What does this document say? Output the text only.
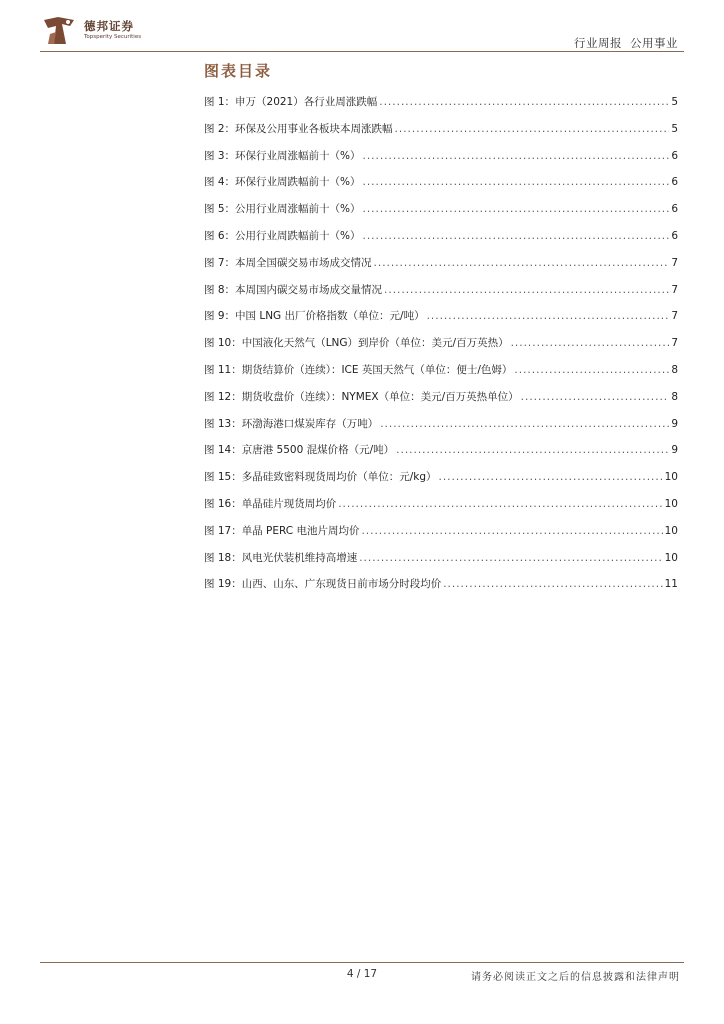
德邦证券
Topsperity Securities	行业周报 公用事业
图表目录
图 1：申万（2021）各行业周涨跌幅 .....	5
图 2：环保及公用事业各板块本周涨跌幅 .....	5
图 3：环保行业周涨幅前十（%） .....	6
图 4：环保行业周跌幅前十（%） .....	6
图 5：公用行业周涨幅前十（%） .....	6
图 6：公用行业周跌幅前十（%） .....	6
图 7：本周全国碳交易市场成交情况 .....	7
图 8：本周国内碳交易市场成交量情况 .....	7
图 9：中国 LNG 出厂价格指数（单位：元/吨） .....	7
图 10：中国液化天然气（LNG）到岸价（单位：美元/百万英热） .....	7
图 11：期货结算价（连续）：ICE 英国天然气（单位：便士/色姆） .....	8
图 12：期货收盘价（连续）：NYMEX（单位：美元/百万英热单位） .....	8
图 13：环渤海港口煤炭库存（万吨） .....	9
图 14：京唐港 5500 混煤价格（元/吨） .....	9
图 15：多晶硅致密料现货周均价（单位：元/kg） .....	10
图 16：单晶硅片现货周均价 .....	10
图 17：单晶 PERC 电池片周均价 .....	10
图 18：风电光伏装机维持高增速 .....	10
图 19：山西、山东、广东现货日前市场分时段均价 .....	11
4 / 17	请务必阅读正文之后的信息披露和法律声明
